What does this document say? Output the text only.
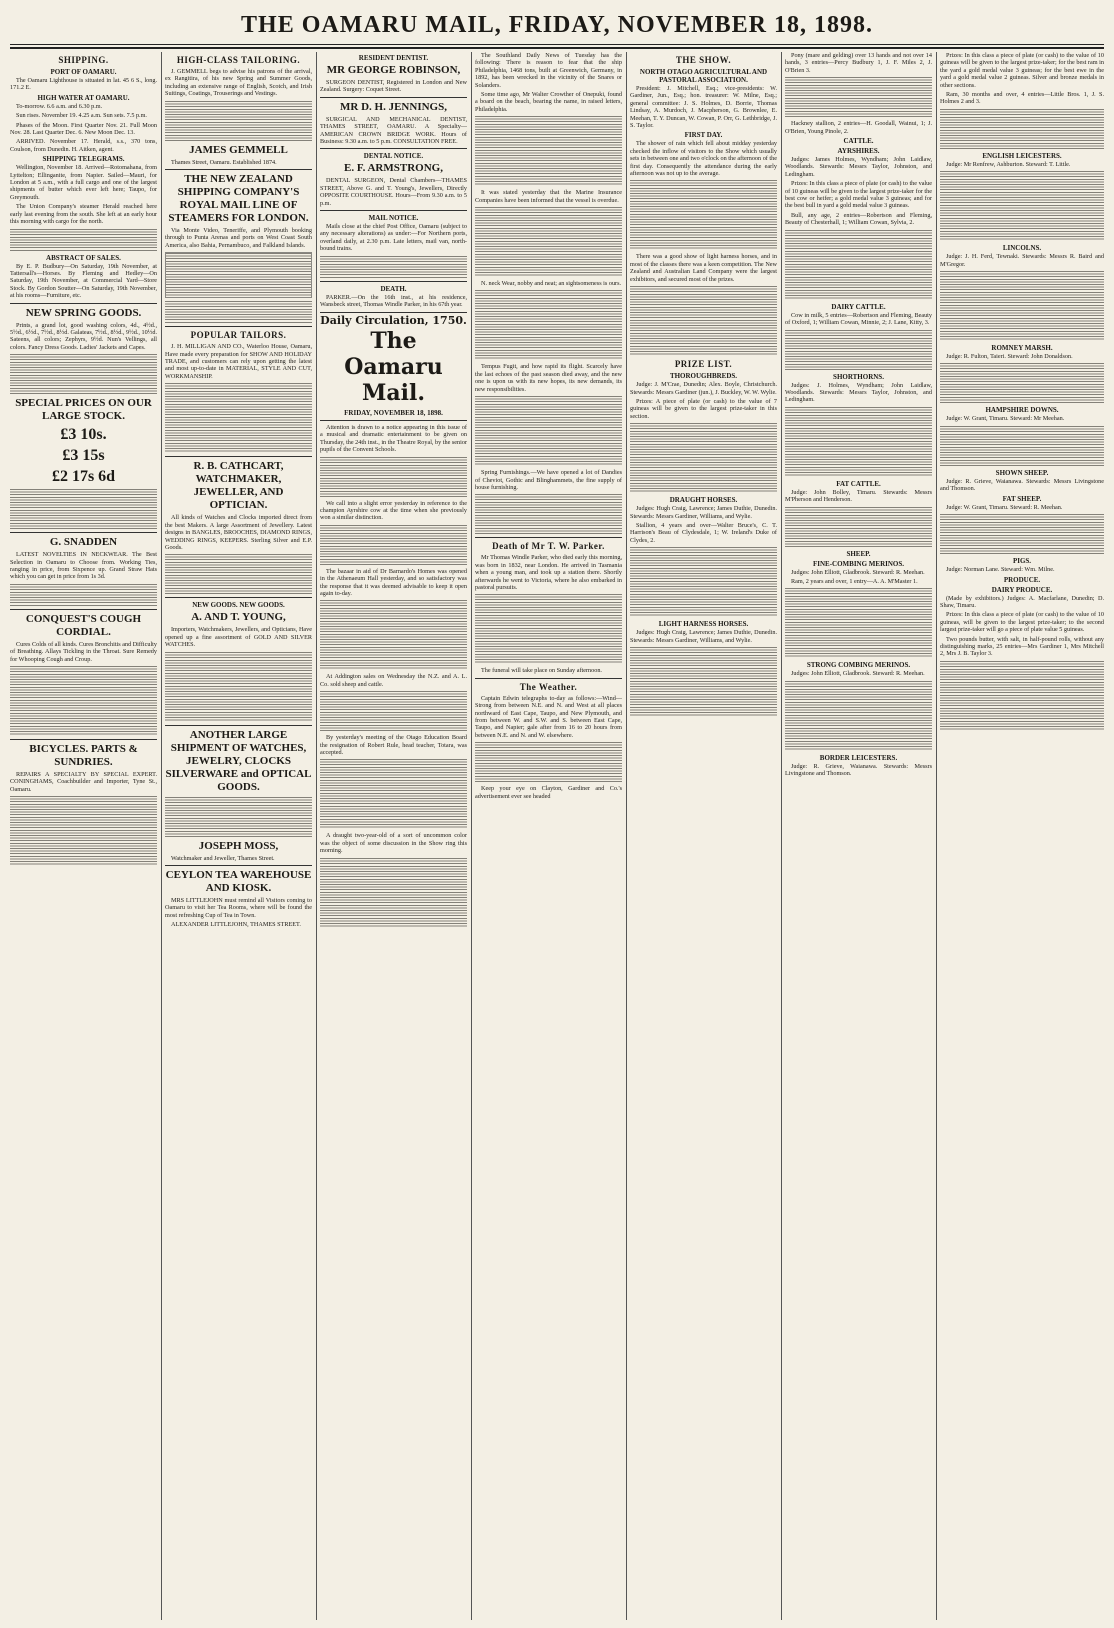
THE OAMARU MAIL, FRIDAY, NOVEMBER 18, 1898.
SHIPPING.
PORT OF OAMARU.

The Oamaru Lighthouse is situated in lat. 45 6 S., long. 171.2 E.

HIGH WATER AT OAMARU.

To-morrow. 6.6 a.m. and 6.30 p.m.

Sun rises. November 19. 4.25 a.m. Sun sets. 7.5 p.m.

Phases of the Moon. First Quarter Nov. 21. Full Moon Nov. 28. Last Quarter Dec. 6. New Moon Dec. 13.

ARRIVED. November 17. Herald, s.s., 370 tons, Coulson, from Dunedin. H. Aitken, agent.

SHIPPING TELEGRAMS.

Wellington, November 18. Arrived—Rotomahana, from Lyttelton; Ellinganite, from Napier. Sailed—Mauri, for London at 5 a.m., with a full cargo and one of the largest shipments of butter which ever left here; Taupo, for Greymouth.

The Union Company's steamer Herald reached here early last evening from the south. She left at an early hour this morning with cargo for the north.

ABSTRACT OF SALES.

By E. P. Budbury—On Saturday, 19th November, at Tattersall's—Horses. By Fleming and Hedley—On Saturday, 19th November, at Commercial Yard—Store Stock. By Gordon Soutter—On Saturday, 19th November, at his rooms—Furniture, etc.

NEW SPRING GOODS.

Prints, a grand lot, good washing colors, 4d., 4½d., 5½d., 6½d., 7½d., 8½d. Galateas, 7½d., 8½d., 9½d., 10½d. Sateens, all colors; Zephyrs, 9½d. Nun's Vellings, all colors. Fancy Dress Goods. Ladies' Jackets and Capes.

SPECIAL PRICES ON OUR LARGE STOCK.
£3 10s.
£3 15s
£2 17s 6d
G. SNADDEN

LATEST NOVELTIES IN NECKWEAR. The Best Selection in Oamaru to Choose from. Working Ties, ranging in price, from Sixpence up. Grand Straw Hats which you can get in price from 1s 3d.

CONQUEST'S COUGH CORDIAL.

Cures Colds of all kinds. Cures Bronchitis and Difficulty of Breathing. Allays Tickling in the Throat. Sure Remedy for Whooping Cough and Croup.

BICYCLES. PARTS & SUNDRIES.

REPAIRS A SPECIALTY BY SPECIAL EXPERT. CONINGHAMS, Coachbuilder and Importer, Tyne St., Oamaru.

HIGH-CLASS TAILORING.

J. GEMMELL begs to advise his patrons of the arrival, ex Rangitira, of his new Spring and Summer Goods, including an extensive range of English, Scotch, and Irish Suitings, Coatings, Trouserings and Vestings.

JAMES GEMMELL

Thames Street, Oamaru. Established 1874.

THE NEW ZEALAND SHIPPING COMPANY'S ROYAL MAIL LINE OF STEAMERS FOR LONDON.

Via Monte Video, Teneriffe, and Plymouth booking through to Punta Arenas and ports on West Coast South America, also Bahia, Pernambuco, and Falkland Islands.

POPULAR TAILORS.

J. H. MILLIGAN AND CO., Waterloo House, Oamaru, Have made every preparation for SHOW AND HOLIDAY TRADE, and customers can rely upon getting the latest and most up-to-date in MATERIAL, STYLE AND CUT, WORKMANSHIP.

R. B. CATHCART, WATCHMAKER, JEWELLER, AND OPTICIAN.

All kinds of Watches and Clocks imported direct from the best Makers. A large Assortment of Jewellery. Latest designs in BANGLES, BROOCHES, DIAMOND RINGS, WEDDING RINGS, KEEPERS. Sterling Silver and E.P. Goods.

NEW GOODS. NEW GOODS.
A. AND T. YOUNG,

Importers, Watchmakers, Jewellers, and Opticians, Have opened up a fine assortment of GOLD AND SILVER WATCHES.

ANOTHER LARGE SHIPMENT OF WATCHES, JEWELRY, CLOCKS SILVERWARE and OPTICAL GOODS.
JOSEPH MOSS,

Watchmaker and Jeweller, Thames Street.

CEYLON TEA WAREHOUSE AND KIOSK.

MRS LITTLEJOHN must remind all Visitors coming to Oamaru to visit her Tea Rooms, where will be found the most refreshing Cup of Tea in Town.

ALEXANDER LITTLEJOHN, THAMES STREET.

RESIDENT DENTIST.
MR GEORGE ROBINSON,

SURGEON DENTIST, Registered in London and New Zealand. Surgery: Coquet Street.

MR D. H. JENNINGS,

SURGICAL AND MECHANICAL DENTIST, THAMES STREET, OAMARU. A Specialty—AMERICAN CROWN BRIDGE WORK. Hours of Business: 9.30 a.m. to 5 p.m. CONSULTATION FREE.

DENTAL NOTICE.
E. F. ARMSTRONG,

DENTAL SURGEON, Dental Chambers—THAMES STREET, Above G. and T. Young's, Jewellers, Directly OPPOSITE COURTHOUSE. Hours—From 9.30 a.m. to 5 p.m.

MAIL NOTICE.

Mails close at the chief Post Office, Oamaru (subject to any necessary alterations) as under:—For Northern ports, overland daily, at 2.30 p.m. Late letters, mail van, north-bound trains.

DEATH.

PARKER.—On the 16th inst., at his residence, Wansbeck street, Thomas Windle Parker, in his 67th year.

Daily Circulation, 1750.
The Oamaru Mail.
FRIDAY, NOVEMBER 18, 1898.

Attention is drawn to a notice appearing in this issue of a musical and dramatic entertainment to be given on Thursday, the 24th inst., in the Theatre Royal, by the senior pupils of the Convent Schools.

We call into a slight error yesterday in reference to the champion Ayrshire cow at the time when she previously won a similar distinction.

The bazaar in aid of Dr Barnardo's Homes was opened in the Athenaeum Hall yesterday, and so satisfactory was the response that it was deemed advisable to keep it open again to-day.

At Addington sales on Wednesday the N.Z. and A. L. Co. sold sheep and cattle.

By yesterday's meeting of the Otago Education Board the resignation of Robert Rule, head teacher, Totara, was accepted.

A draught two-year-old of a sort of uncommon color was the object of some discussion in the Show ring this morning.

The Southland Daily News of Tuesday has the following: There is reason to fear that the ship Philadelphia, 1468 tons, built at Greenwich, Germany, in 1892, has been wrecked in the vicinity of the Snares or Solanders.

Some time ago, Mr Walter Crowther of Onepuki, found a board on the beach, bearing the name, in raised letters, Philadelphia.

It was stated yesterday that the Marine Insurance Companies have been informed that the vessel is overdue.

N. neck Wear, nobby and neat; an sightsomeness is ours.

Tempus Fugit, and how rapid its flight. Scarcely have the last echoes of the past season died away, and the new one is upon us with its new hopes, its new demands, its new responsibilities.

Spring Furnishings.—We have opened a lot of Dandies of Cheviot, Gothic and Blinghammets, the fine supply of house furnishing.

Death of Mr T. W. Parker.

Mr Thomas Windle Parker, who died early this morning, was born in 1832, near London. He arrived in Tasmania when a young man, and took up a station there. Shortly afterwards he went to Victoria, where he also embarked in pastoral pursuits.

The funeral will take place on Sunday afternoon.

The Weather.

Captain Edwin telegraphs to-day as follows:—Wind—Strong from between N.E. and N. and West at all places northward of East Cape, Taupo, and New Plymouth, and from between W. and S.W. and S. between East Cape, Taupo, and Napier; gale after from 16 to 20 hours from between N.E. and N. and W. elsewhere.

Keep your eye on Clayton, Gardiner and Co.'s advertisement ever see headed

THE SHOW.
NORTH OTAGO AGRICULTURAL AND PASTORAL ASSOCIATION.

President: J. Mitchell, Esq.; vice-presidents: W. Gardiner, Jun., Esq.; hon. treasurer: W. Milne, Esq.; general committee: J. S. Holmes, D. Borrie, Thomas Lindsay, A. Murdoch, J. Macpherson, G. Brownlee, E. Meehan, T. Y. Duncan, W. Cowan, P. Orr, G. Lethbridge, J. S. Taylor.

FIRST DAY.

The shower of rain which fell about midday yesterday checked the inflow of visitors to the Show which usually sets in between one and two o'clock on the afternoon of the first day. Consequently the attendance during the early afternoon was not up to the average.

There was a good show of light harness horses, and in most of the classes there was a keen competition. The New Zealand and Australian Land Company were the largest exhibitors, and secured most of the prizes.

PRIZE LIST.
THOROUGHBREDS.

Judge: J. M'Crae, Dunedin; Alex. Boyle, Christchurch. Stewards: Messrs Gardiner (jun.), J. Buckley, W. W. Wylie.

Prizes: A piece of plate (or cash) to the value of 7 guineas will be given to the largest prize-taker in this section.

DRAUGHT HORSES.

Judges: Hugh Craig, Lawrence; James Duthie, Dunedin. Stewards: Messrs Gardiner, Williams, and Wylie.

Stallion, 4 years and over—Walter Bruce's, C. T. Harrison's Beau of Clydesdale, 1; W. Ireland's Duke of Clydes, 2.

LIGHT HARNESS HORSES.

Judges: Hugh Craig, Lawrence; James Duthie, Dunedin. Stewards: Messrs Gardiner, Williams, and Wylie.

Pony (mare and gelding) over 13 hands and not over 14 hands, 3 entries—Percy Budbury 1, J. F. Miles 2, J. O'Brien 3.

Hackney stallion, 2 entries—H. Goodall, Wainui, 1; J. O'Brien, Young Pinole, 2.

CATTLE.
AYRSHIRES.

Judges: James Holmes, Wyndham; John Laidlaw, Woodlands. Stewards: Messrs Taylor, Johnston, and Ledingham.

Prizes: In this class a piece of plate (or cash) to the value of 10 guineas will be given to the largest prize-taker for the best cow or heifer; a gold medal value 3 guineas; and for the best bull in yard a gold medal value 3 guineas.

Bull, any age, 2 entries—Robertson and Fleming, Beauty of Chesterhall, 1; William Cowan, Sylvia, 2.

DAIRY CATTLE.

Cow in milk, 5 entries—Robertson and Fleming, Beauty of Oxford, 1; William Cowan, Minnie, 2; J. Lane, Kitty, 3.

SHORTHORNS.

Judges: J. Holmes, Wyndham; John Laidlaw, Woodlands. Stewards: Messrs Taylor, Johnston, and Ledingham.

FAT CATTLE.

Judge: John Bolley, Timaru. Stewards: Messrs M'Pherson and Henderson.

SHEEP.
FINE-COMBING MERINOS.

Judges: John Elliott, Gladbrook. Steward: R. Meehan.

Ram, 2 years and over, 1 entry—A. A. M'Master 1.

STRONG COMBING MERINOS.

Judges: John Elliott, Gladbrook. Steward: R. Meehan.

BORDER LEICESTERS.

Judge: R. Grieve, Waianawa. Stewards: Messrs Livingstone and Thomson.

Prizes: In this class a piece of plate (or cash) to the value of 10 guineas will be given to the largest prize-taker; for the best ram in the yard a gold medal value 3 guineas; for the best ewe in the yard a gold medal value 2 guineas. Silver and bronze medals in other sections.

Ram, 30 months and over, 4 entries—Little Bros. 1, J. S. Holmes 2 and 3.

ENGLISH LEICESTERS.

Judge: Mr Renfrew, Ashburton. Steward: T. Little.

LINCOLNS.

Judge: J. H. Ferd, Tewnaki. Stewards: Messrs R. Baird and M'Gregor.

ROMNEY MARSH.

Judge: R. Fulton, Taieri. Steward: John Donaldson.

HAMPSHIRE DOWNS.

Judge: W. Grant, Timaru. Steward: Mr Meehan.

SHOWN SHEEP.

Judge: R. Grieve, Waianawa. Stewards: Messrs Livingstone and Thomson.

FAT SHEEP.

Judge: W. Grant, Timaru. Steward: R. Meehan.

PIGS.

Judge: Norman Lane. Steward: Wm. Milne.

PRODUCE.
DAIRY PRODUCE.

(Made by exhibitors.) Judges: A. Macfarlane, Dunedin; D. Shaw, Timaru.

Prizes: In this class a piece of plate (or cash) to the value of 10 guineas, will be given to the largest prize-taker; to the second largest prize-taker will go a piece of plate value 5 guineas.

Two pounds butter, with salt, in half-pound rolls, without any distinguishing marks, 25 entries—Mrs Gardiner 1, Mrs Mitchell 2, Mrs J. B. Taylor 3.
